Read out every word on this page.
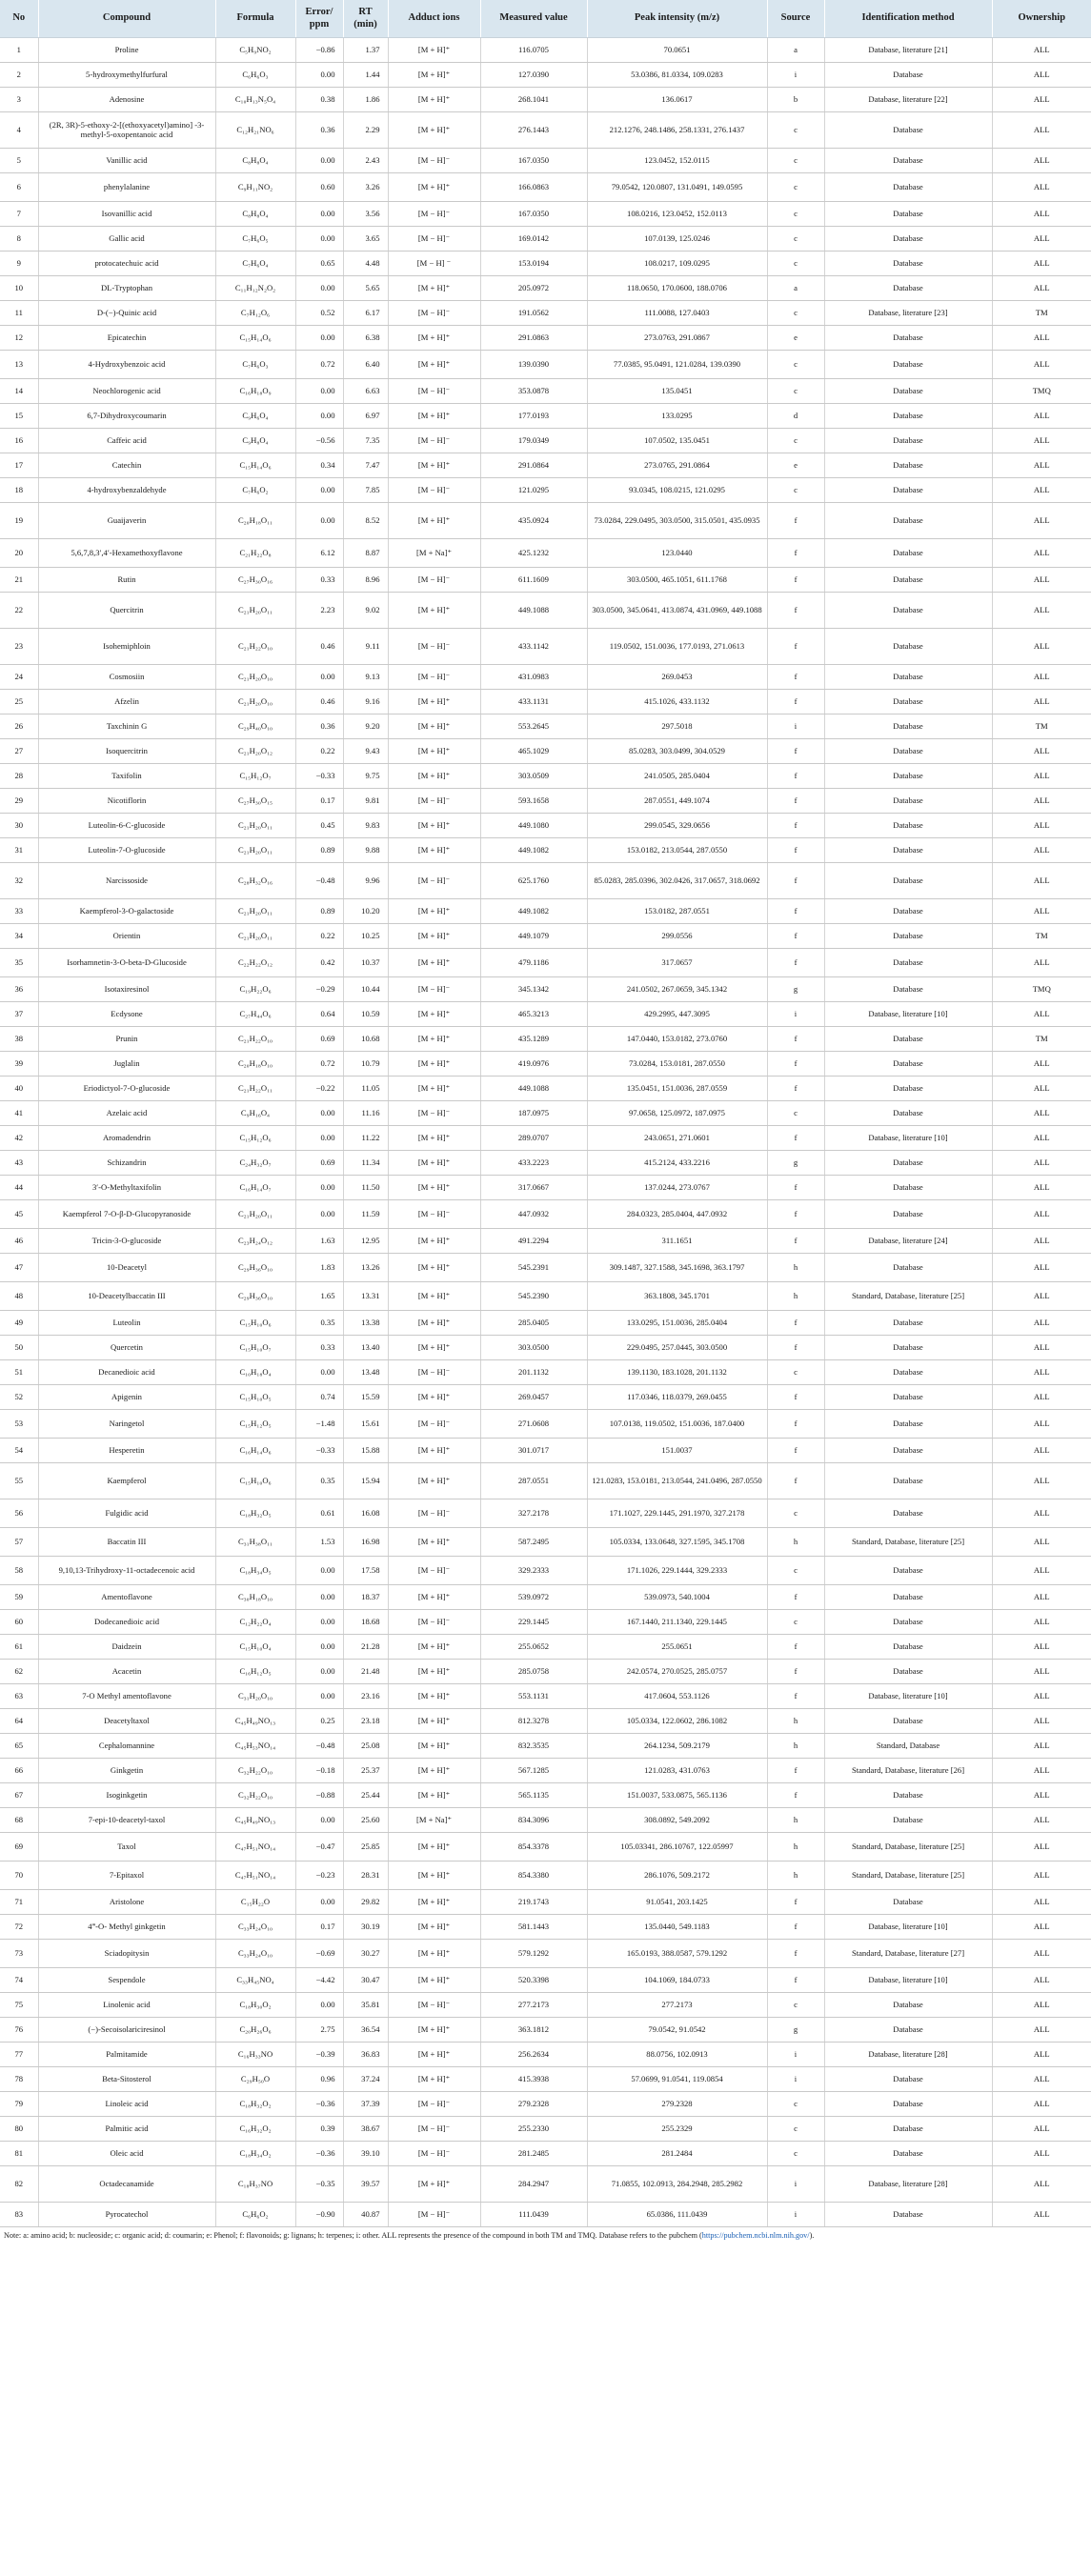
No	Compound	Formula	Error/ ppm	RT (min)	Adduct ions	Measured value	Peak intensity (m/z)	Source	Identification method	Ownership
1	Proline	C₅H₉NO₂	−0.86	1.37	[M + H]⁺	116.0705	70.0651	a	Database, literature [21]	ALL
2	5-hydroxymethylfurfural	C₆H₆O₃	0.00	1.44	[M + H]⁺	127.0390	53.0386, 81.0334, 109.0283	i	Database	ALL
3	Adenosine	C₁₀H₁₃N₅O₄	0.38	1.86	[M + H]⁺	268.1041	136.0617	b	Database, literature [22]	ALL
4	(2R, 3R)-5-ethoxy-2-[(ethoxyacetyl)amino] -3-methyl-5-oxopentanoic acid	C₁₂H₂₁NO₆	0.36	2.29	[M + H]⁺	276.1443	212.1276, 248.1486, 258.1331, 276.1437	c	Database	ALL
5	Vanillic acid	C₈H₈O₄	0.00	2.43	[M − H]⁻	167.0350	123.0452, 152.0115	c	Database	ALL
6	phenylalanine	C₉H₁₁NO₂	0.60	3.26	[M + H]⁺	166.0863	79.0542, 120.0807, 131.0491, 149.0595	c	Database	ALL
7	Isovanillic acid	C₈H₈O₄	0.00	3.56	[M − H]⁻	167.0350	108.0216, 123.0452, 152.0113	c	Database	ALL
8	Gallic acid	C₇H₆O₅	0.00	3.65	[M − H]⁻	169.0142	107.0139, 125.0246	c	Database	ALL
9	protocatechuic acid	C₇H₆O₄	0.65	4.48	[M − H] ⁻	153.0194	108.0217, 109.0295	c	Database	ALL
10	DL-Tryptophan	C₁₁H₁₂N₂O₂	0.00	5.65	[M + H]⁺	205.0972	118.0650, 170.0600, 188.0706	a	Database	ALL
11	D-(−)-Quinic acid	C₇H₁₂O₆	0.52	6.17	[M − H]⁻	191.0562	111.0088, 127.0403	c	Database, literature [23]	TM
12	Epicatechin	C₁₅H₁₄O₆	0.00	6.38	[M + H]⁺	291.0863	273.0763, 291.0867	e	Database	ALL
13	4-Hydroxybenzoic acid	C₇H₆O₃	0.72	6.40	[M + H]⁺	139.0390	77.0385, 95.0491, 121.0284, 139.0390	c	Database	ALL
14	Neochlorogenic acid	C₁₆H₁₈O₉	0.00	6.63	[M − H]⁻	353.0878	135.0451	c	Database	TMQ
15	6,7-Dihydroxycoumarin	C₉H₆O₄	0.00	6.97	[M + H]⁺	177.0193	133.0295	d	Database	ALL
16	Caffeic acid	C₉H₈O₄	−0.56	7.35	[M − H]⁻	179.0349	107.0502, 135.0451	c	Database	ALL
17	Catechin	C₁₅H₁₄O₆	0.34	7.47	[M + H]⁺	291.0864	273.0765, 291.0864	e	Database	ALL
18	4-hydroxybenzaldehyde	C₇H₆O₂	0.00	7.85	[M − H]⁻	121.0295	93.0345, 108.0215, 121.0295	c	Database	ALL
19	Guaijaverin	C₂₀H₁₈O₁₁	0.00	8.52	[M + H]⁺	435.0924	73.0284, 229.0495, 303.0500, 315.0501, 435.0935	f	Database	ALL
20	5,6,7,8,3′,4′-Hexamethoxyflavone	C₂₁H₂₂O₈	6.12	8.87	[M + Na]⁺	425.1232	123.0440	f	Database	ALL
21	Rutin	C₂₇H₃₀O₁₆	0.33	8.96	[M − H]⁻	611.1609	303.0500, 465.1051, 611.1768	f	Database	ALL
22	Quercitrin	C₂₁H₂₀O₁₁	2.23	9.02	[M + H]⁺	449.1088	303.0500, 345.0641, 413.0874, 431.0969, 449.1088	f	Database	ALL
23	Isohemiphloin	C₂₁H₂₂O₁₀	0.46	9.11	[M − H]⁻	433.1142	119.0502, 151.0036, 177.0193, 271.0613	f	Database	ALL
24	Cosmosiin	C₂₁H₂₀O₁₀	0.00	9.13	[M − H]⁻	431.0983	269.0453	f	Database	ALL
25	Afzelin	C₂₁H₂₀O₁₀	0.46	9.16	[M + H]⁺	433.1131	415.1026, 433.1132	f	Database	ALL
26	Taxchinin G	C₂₉H₄₀O₁₀	0.36	9.20	[M + H]⁺	553.2645	297.5018	i	Database	TM
27	Isoquercitrin	C₂₁H₂₀O₁₂	0.22	9.43	[M + H]⁺	465.1029	85.0283, 303.0499, 304.0529	f	Database	ALL
28	Taxifolin	C₁₅H₁₂O₇	−0.33	9.75	[M + H]⁺	303.0509	241.0505, 285.0404	f	Database	ALL
29	Nicotiflorin	C₂₇H₃₀O₁₅	0.17	9.81	[M − H]⁻	593.1658	287.0551, 449.1074	f	Database	ALL
30	Luteolin-6-C-glucoside	C₂₁H₂₀O₁₁	0.45	9.83	[M + H]⁺	449.1080	299.0545, 329.0656	f	Database	ALL
31	Luteolin-7-O-glucoside	C₂₁H₂₀O₁₁	0.89	9.88	[M + H]⁺	449.1082	153.0182, 213.0544, 287.0550	f	Database	ALL
32	Narcissoside	C₂₈H₃₂O₁₆	−0.48	9.96	[M − H]⁻	625.1760	85.0283, 285.0396, 302.0426, 317.0657, 318.0692	f	Database	ALL
33	Kaempferol-3-O-galactoside	C₂₁H₂₀O₁₁	0.89	10.20	[M + H]⁺	449.1082	153.0182, 287.0551	f	Database	ALL
34	Orientin	C₂₁H₂₀O₁₁	0.22	10.25	[M + H]⁺	449.1079	299.0556	f	Database	TM
35	Isorhamnetin-3-O-beta-D-Glucoside	C₂₂H₂₂O₁₂	0.42	10.37	[M + H]⁺	479.1186	317.0657	f	Database	ALL
36	Isotaxiresinol	C₁₉H₂₂O₆	−0.29	10.44	[M − H]⁻	345.1342	241.0502, 267.0659, 345.1342	g	Database	TMQ
37	Ecdysone	C₂₇H₄₄O₆	0.64	10.59	[M + H]⁺	465.3213	429.2995, 447.3095	i	Database, literature [10]	ALL
38	Prunin	C₂₁H₂₂O₁₀	0.69	10.68	[M + H]⁺	435.1289	147.0440, 153.0182, 273.0760	f	Database	TM
39	Juglalin	C₂₀H₁₈O₁₀	0.72	10.79	[M + H]⁺	419.0976	73.0284, 153.0181, 287.0550	f	Database	ALL
40	Eriodictyol-7-O-glucoside	C₂₁H₂₂O₁₁	−0.22	11.05	[M + H]⁺	449.1088	135.0451, 151.0036, 287.0559	f	Database	ALL
41	Azelaic acid	C₉H₁₆O₄	0.00	11.16	[M − H]⁻	187.0975	97.0658, 125.0972, 187.0975	c	Database	ALL
42	Aromadendrin	C₁₅H₁₂O₆	0.00	11.22	[M + H]⁺	289.0707	243.0651, 271.0601	f	Database, literature [10]	ALL
43	Schizandrin	C₂₄H₃₂O₇	0.69	11.34	[M + H]⁺	433.2223	415.2124, 433.2216	g	Database	ALL
44	3′-O-Methyltaxifolin	C₁₆H₁₄O₇	0.00	11.50	[M + H]⁺	317.0667	137.0244, 273.0767	f	Database	ALL
45	Kaempferol 7-O-β-D-Glucopyranoside	C₂₁H₂₀O₁₁	0.00	11.59	[M − H]⁻	447.0932	284.0323, 285.0404, 447.0932	f	Database	ALL
46	Tricin-3-O-glucoside	C₂₃H₂₄O₁₂	1.63	12.95	[M + H]⁺	491.2294	311.1651	f	Database, literature [24]	ALL
47	10-Deacetyl	C₂₉H₃₆O₁₀	1.83	13.26	[M + H]⁺	545.2391	309.1487, 327.1588, 345.1698, 363.1797	h	Database	ALL
48	10-Deacetylbaccatin III	C₂₉H₃₆O₁₀	1.65	13.31	[M + H]⁺	545.2390	363.1808, 345.1701	h	Standard, Database, literature [25]	ALL
49	Luteolin	C₁₅H₁₀O₆	0.35	13.38	[M + H]⁺	285.0405	133.0295, 151.0036, 285.0404	f	Database	ALL
50	Quercetin	C₁₅H₁₀O₇	0.33	13.40	[M + H]⁺	303.0500	229.0495, 257.0445, 303.0500	f	Database	ALL
51	Decanedioic acid	C₁₀H₁₈O₄	0.00	13.48	[M − H]⁻	201.1132	139.1130, 183.1028, 201.1132	c	Database	ALL
52	Apigenin	C₁₅H₁₀O₅	0.74	15.59	[M + H]⁺	269.0457	117.0346, 118.0379, 269.0455	f	Database	ALL
53	Naringetol	C₁₅H₁₂O₅	−1.48	15.61	[M − H]⁻	271.0608	107.0138, 119.0502, 151.0036, 187.0400	f	Database	ALL
54	Hesperetin	C₁₆H₁₄O₆	−0.33	15.88	[M + H]⁺	301.0717	151.0037	f	Database	ALL
55	Kaempferol	C₁₅H₁₀O₆	0.35	15.94	[M + H]⁺	287.0551	121.0283, 153.0181, 213.0544, 241.0496, 287.0550	f	Database	ALL
56	Fulgidic acid	C₁₈H₃₂O₅	0.61	16.08	[M − H]⁻	327.2178	171.1027, 229.1445, 291.1970, 327.2178	c	Database	ALL
57	Baccatin III	C₃₁H₃₈O₁₁	1.53	16.98	[M + H]⁺	587.2495	105.0334, 133.0648, 327.1595, 345.1708	h	Standard, Database, literature [25]	ALL
58	9,10,13-Trihydroxy-11-octadecenoic acid	C₁₈H₃₄O₅	0.00	17.58	[M − H]⁻	329.2333	171.1026, 229.1444, 329.2333	c	Database	ALL
59	Amentoflavone	C₃₀H₁₈O₁₀	0.00	18.37	[M + H]⁺	539.0972	539.0973, 540.1004	f	Database	ALL
60	Dodecanedioic acid	C₁₂H₂₂O₄	0.00	18.68	[M − H]⁻	229.1445	167.1440, 211.1340, 229.1445	c	Database	ALL
61	Daidzein	C₁₅H₁₀O₄	0.00	21.28	[M + H]⁺	255.0652	255.0651	f	Database	ALL
62	Acacetin	C₁₆H₁₂O₅	0.00	21.48	[M + H]⁺	285.0758	242.0574, 270.0525, 285.0757	f	Database	ALL
63	7-O Methyl amentoflavone	C₃₁H₂₀O₁₀	0.00	23.16	[M + H]⁺	553.1131	417.0604, 553.1126	f	Database, literature [10]	ALL
64	Deacetyltaxol	C₄₅H₄₉NO₁₃	0.25	23.18	[M + H]⁺	812.3278	105.0334, 122.0602, 286.1082	h	Database	ALL
65	Cephalomannine	C₄₅H₅₃NO₁₄	−0.48	25.08	[M + H]⁺	832.3535	264.1234, 509.2179	h	Standard, Database	ALL
66	Ginkgetin	C₃₂H₂₂O₁₀	−0.18	25.37	[M + H]⁺	567.1285	121.0283, 431.0763	f	Standard, Database, literature [26]	ALL
67	Isoginkgetin	C₃₂H₂₂O₁₀	−0.88	25.44	[M + H]⁺	565.1135	151.0037, 533.0875, 565.1136	f	Database	ALL
68	7-epi-10-deacetyl-taxol	C₄₅H₄₉NO₁₃	0.00	25.60	[M + Na]⁺	834.3096	308.0892, 549.2092	h	Database	ALL
69	Taxol	C₄₇H₅₁NO₁₄	−0.47	25.85	[M + H]⁺	854.3378	105.03341, 286.10767, 122.05997	h	Standard, Database, literature [25]	ALL
70	7-Epitaxol	C₄₇H₅₁NO₁₄	−0.23	28.31	[M + H]⁺	854.3380	286.1076, 509.2172	h	Standard, Database, literature [25]	ALL
71	Aristolone	C₁₅H₂₂O	0.00	29.82	[M + H]⁺	219.1743	91.0541, 203.1425	f	Database	ALL
72	4‴-O- Methyl ginkgetin	C₃₃H₂₄O₁₀	0.17	30.19	[M + H]⁺	581.1443	135.0440, 549.1183	f	Database, literature [10]	ALL
73	Sciadopitysin	C₃₃H₂₄O₁₀	−0.69	30.27	[M + H]⁺	579.1292	165.0193, 388.0587, 579.1292	f	Standard, Database, literature [27]	ALL
74	Sespendole	C₃₃H₄₅NO₄	−4.42	30.47	[M + H]⁺	520.3398	104.1069, 184.0733	f	Database, literature [10]	ALL
75	Linolenic acid	C₁₈H₃₀O₂	0.00	35.81	[M − H]⁻	277.2173	277.2173	c	Database	ALL
76	(−)-Secoisolariciresinol	C₂₀H₂₆O₆	2.75	36.54	[M + H]⁺	363.1812	79.0542, 91.0542	g	Database	ALL
77	Palmitamide	C₁₆H₃₃NO	−0.39	36.83	[M + H]⁺	256.2634	88.0756, 102.0913	i	Database, literature [28]	ALL
78	Beta-Sitosterol	C₂₉H₅₀O	0.96	37.24	[M + H]⁺	415.3938	57.0699, 91.0541, 119.0854	i	Database	ALL
79	Linoleic acid	C₁₈H₃₂O₂	−0.36	37.39	[M − H]⁻	279.2328	279.2328	c	Database	ALL
80	Palmitic acid	C₁₆H₃₂O₂	0.39	38.67	[M − H]⁻	255.2330	255.2329	c	Database	ALL
81	Oleic acid	C₁₈H₃₄O₂	−0.36	39.10	[M − H]⁻	281.2485	281.2484	c	Database	ALL
82	Octadecanamide	C₁₈H₃₇NO	−0.35	39.57	[M + H]⁺	284.2947	71.0855, 102.0913, 284.2948, 285.2982	i	Database, literature [28]	ALL
83	Pyrocatechol	C₆H₆O₂	−0.90	40.87	[M − H]⁻	111.0439	65.0386, 111.0439	i	Database	ALL
Note: a: amino acid; b: nucleoside; c: organic acid; d: coumarin; e: Phenol; f: flavonoids; g: lignans; h: terpenes; i: other. ALL represents the presence of the compound in both TM and TMQ. Database refers to the pubchem (https://pubchem.ncbi.nlm.nih.gov/).
